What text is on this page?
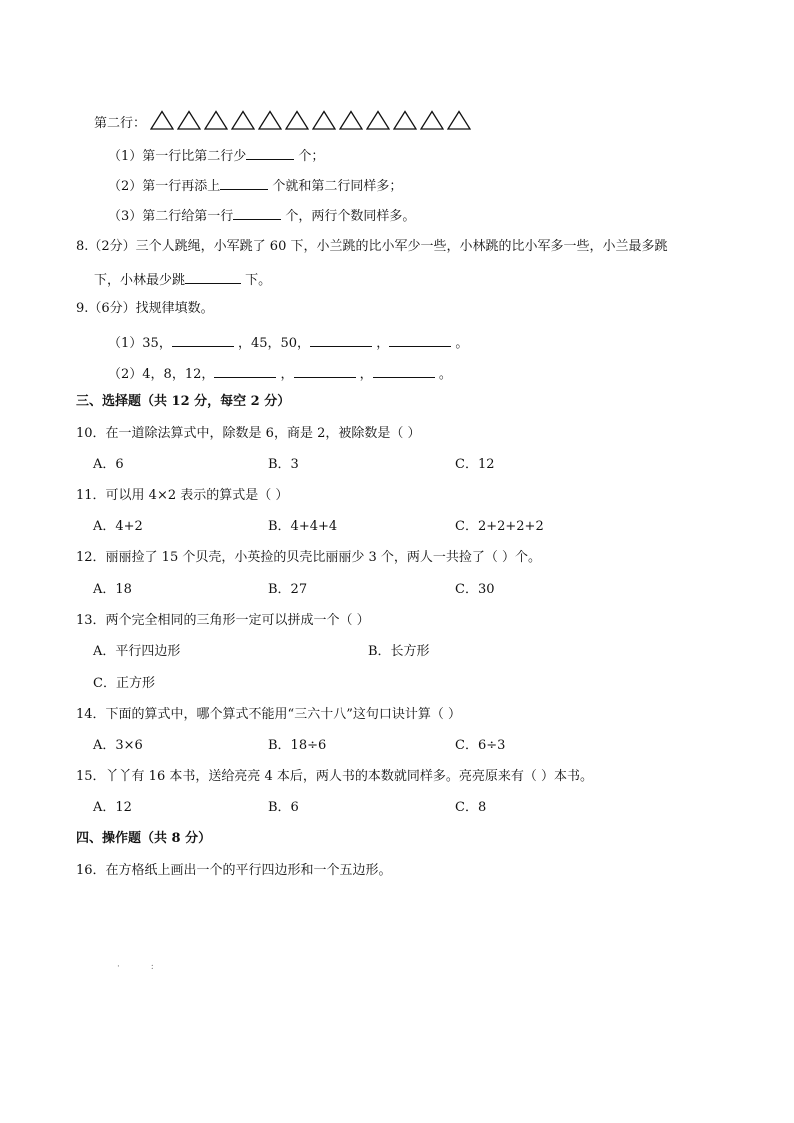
第二行：
（1）第一行比第二行少	个；
（2）第一行再添上	个就和第二行同样多；
（3）第二行给第一行	个，两行个数同样多。
8.（2分）三个人跳绳，小军跳了 60 下，小兰跳的比小军少一些，小林跳的比小军多一些，小兰最多跳
下，小林最少跳	下。
9.（6分）找规律填数。
（1）35，	，45，50，	，	。
（2）4，8，12，	，	，	。
三、选择题（共 12 分，每空 2 分）
10．在一道除法算式中，除数是 6，商是 2，被除数是（ ）
A．6	B．3	C．12
11．可以用 4×2 表示的算式是（ ）
A．4+2	B．4+4+4	C．2+2+2+2
12．丽丽捡了 15 个贝壳，小英捡的贝壳比丽丽少 3 个，两人一共捡了（ ）个。
A．18	B．27	C．30
13．两个完全相同的三角形一定可以拼成一个（ ）
A．平行四边形	B．长方形
C．正方形
14．下面的算式中，哪个算式不能用“三六十八”这句口诀计算（ ）
A．3×6	B．18÷6	C．6÷3
15．丫丫有 16 本书，送给亮亮 4 本后，两人书的本数就同样多。亮亮原来有（ ）本书。
A．12	B．6	C．8
四、操作题（共 8 分）
16．在方格纸上画出一个的平行四边形和一个五边形。
· :
